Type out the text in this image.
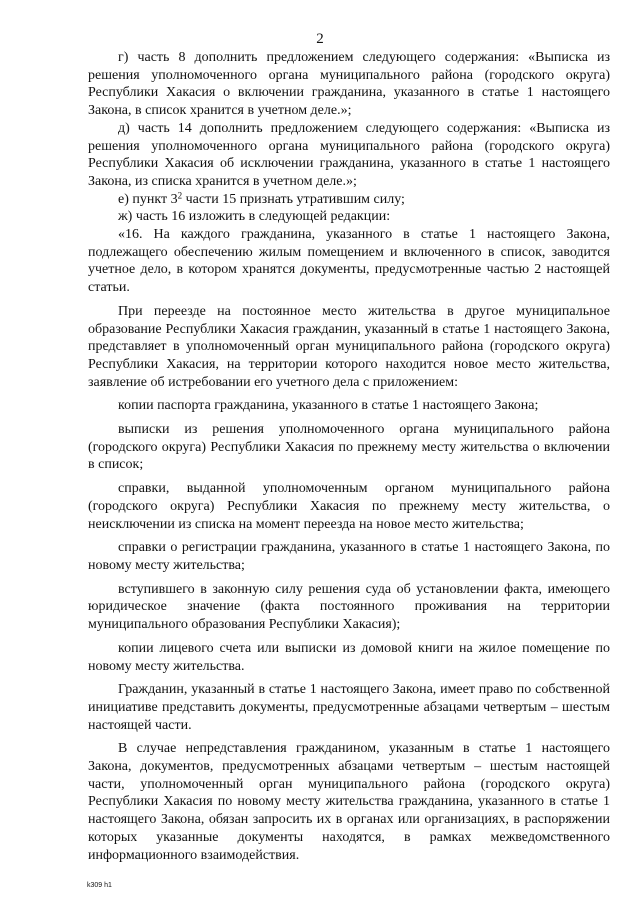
2

г) часть 8 дополнить предложением следующего содержания: «Выписка из решения уполномоченного органа муниципального района (городского округа) Республики Хакасия о включении гражданина, указанного в статье 1 настоящего Закона, в список хранится в учетном деле.»;

д) часть 14 дополнить предложением следующего содержания: «Выписка из решения уполномоченного органа муниципального района (городского округа) Республики Хакасия об исключении гражданина, указанного в статье 1 настоящего Закона, из списка хранится в учетном деле.»;

е) пункт $3^2$ части 15 признать утратившим силу;

ж) часть 16 изложить в следующей редакции:

«16. На каждого гражданина, указанного в статье 1 настоящего Закона, подлежащего обеспечению жилым помещением и включенного в список, заводится учетное дело, в котором хранятся документы, предусмотренные частью 2 настоящей статьи.

При переезде на постоянное место жительства в другое муниципальное образование Республики Хакасия гражданин, указанный в статье 1 настоящего Закона, представляет в уполномоченный орган муниципального района (городского округа) Республики Хакасия, на территории которого находится новое место жительства, заявление об истребовании его учетного дела с приложением:

копии паспорта гражданина, указанного в статье 1 настоящего Закона;

выписки из решения уполномоченного органа муниципального района (городского округа) Республики Хакасия по прежнему месту жительства о включении в список;

справки, выданной уполномоченным органом муниципального района (городского округа) Республики Хакасия по прежнему месту жительства, о неисключении из списка на момент переезда на новое место жительства;

справки о регистрации гражданина, указанного в статье 1 настоящего Закона, по новому месту жительства;

вступившего в законную силу решения суда об установлении факта, имеющего юридическое значение (факта постоянного проживания на территории муниципального образования Республики Хакасия);

копии лицевого счета или выписки из домовой книги на жилое помещение по новому месту жительства.

Гражданин, указанный в статье 1 настоящего Закона, имеет право по собственной инициативе представить документы, предусмотренные абзацами четвертым – шестым настоящей части.

В случае непредставления гражданином, указанным в статье 1 настоящего Закона, документов, предусмотренных абзацами четвертым – шестым настоящей части, уполномоченный орган муниципального района (городского округа) Республики Хакасия по новому месту жительства гражданина, указанного в статье 1 настоящего Закона, обязан запросить их в органах или организациях, в распоряжении которых указанные документы находятся, в рамках межведомственного информационного взаимодействия.

k309 h1
